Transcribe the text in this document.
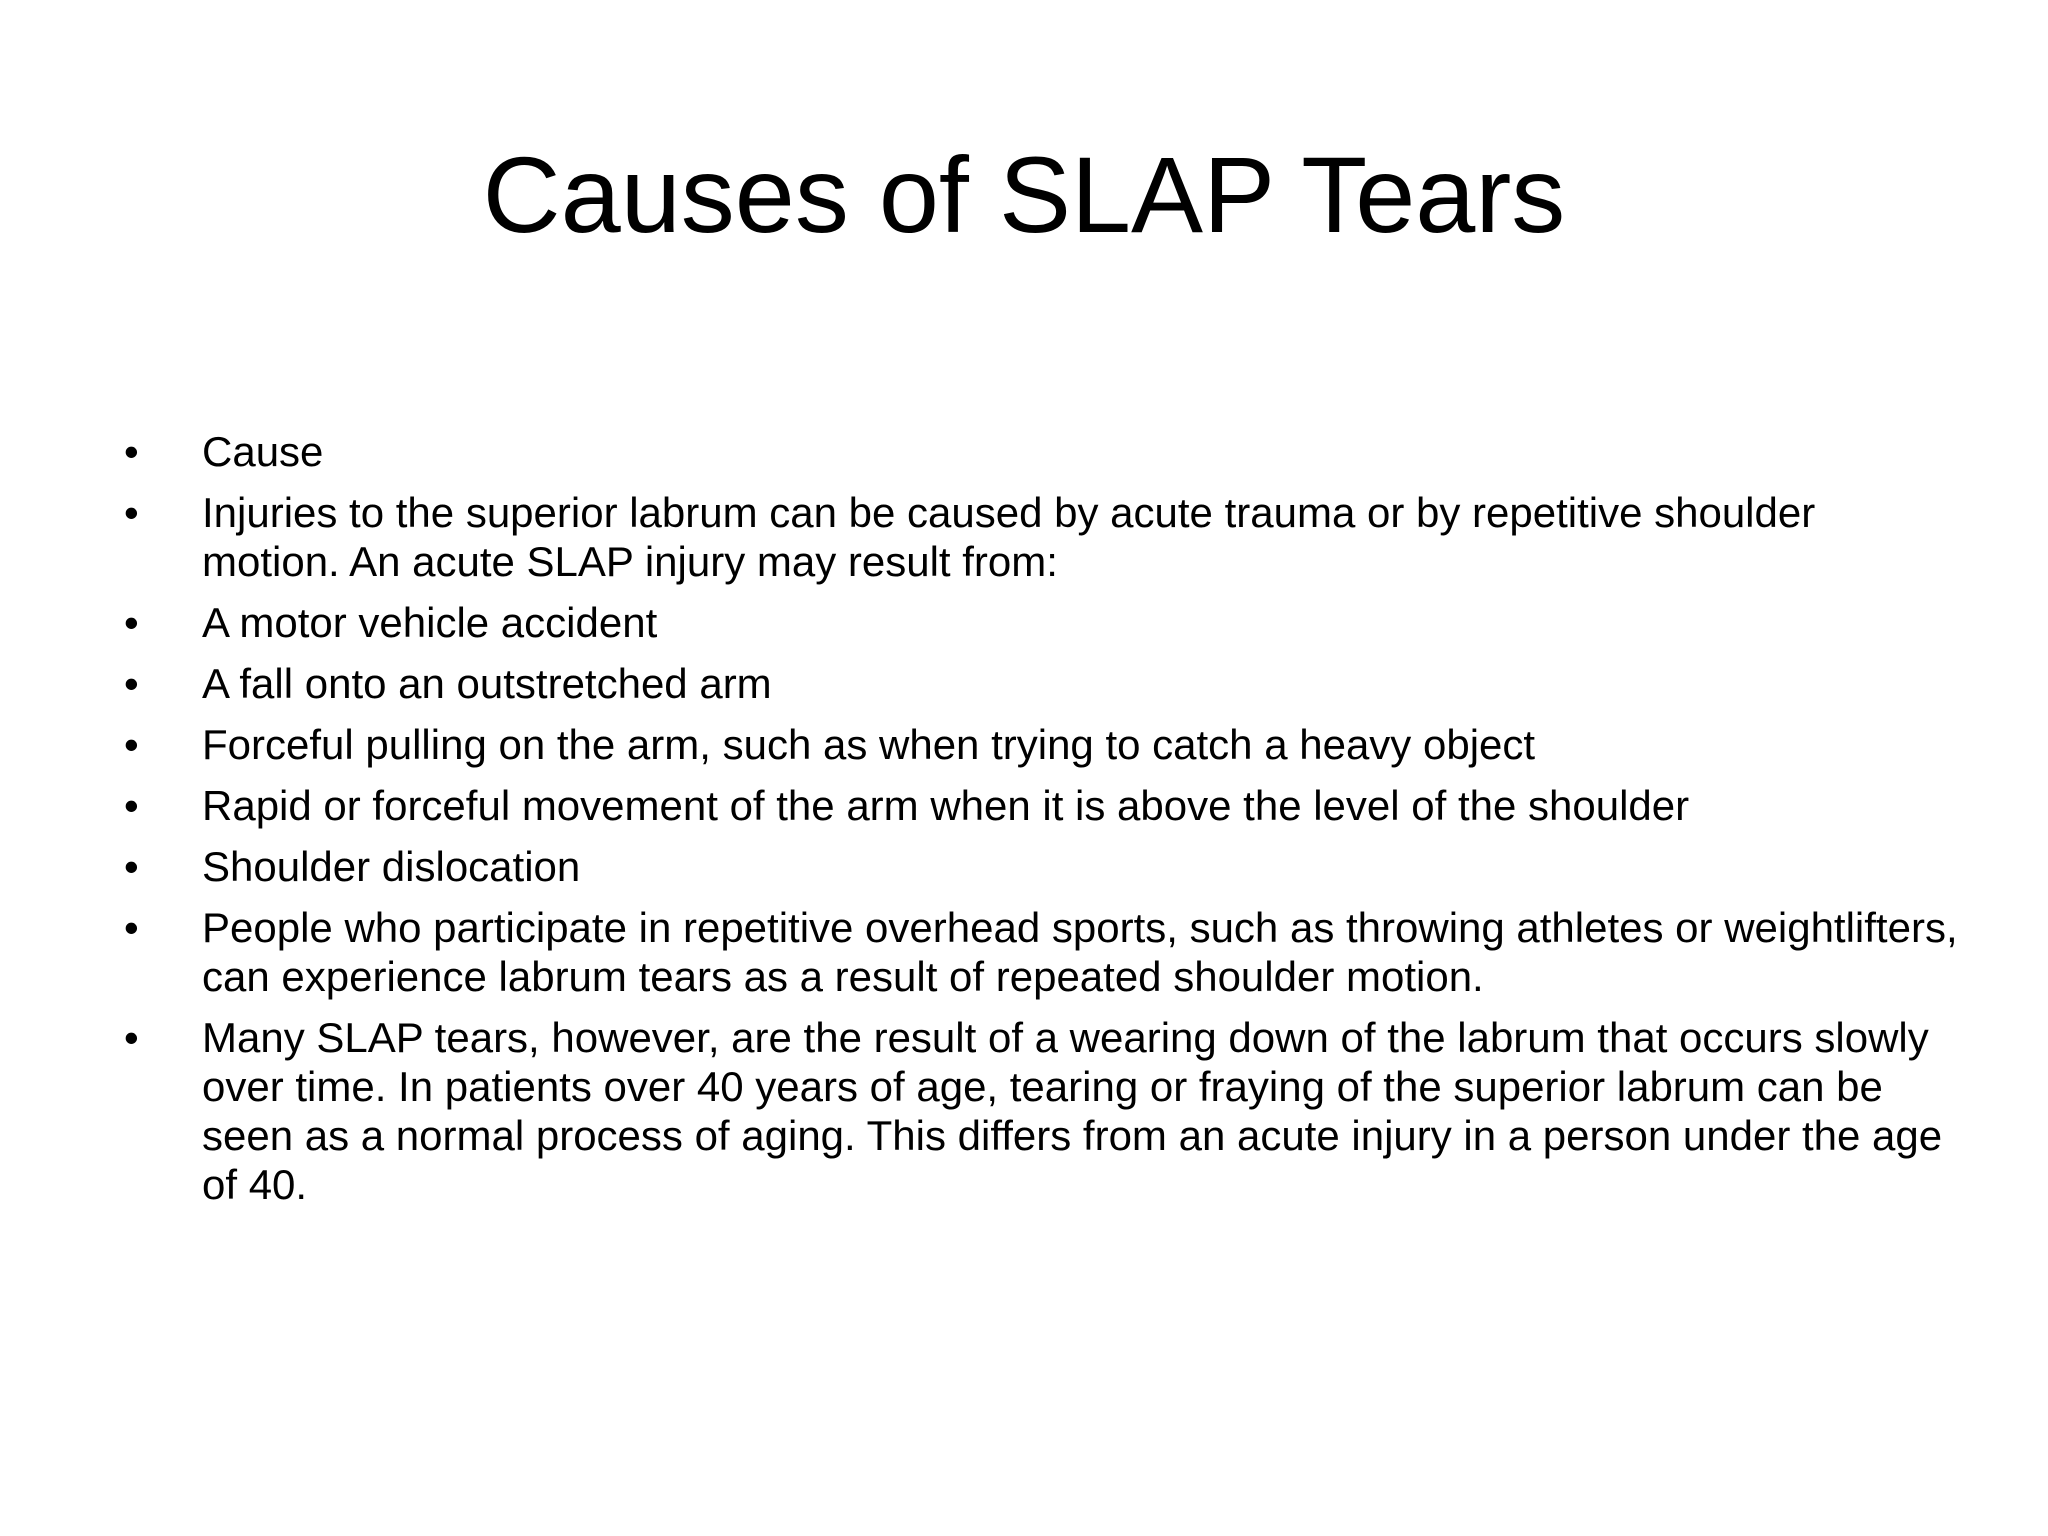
Causes of SLAP Tears
•	Cause
•	Injuries to the superior labrum can be caused by acute trauma or by repetitive shoulder motion. An acute SLAP injury may result from:
•	A motor vehicle accident
•	A fall onto an outstretched arm
•	Forceful pulling on the arm, such as when trying to catch a heavy object
•	Rapid or forceful movement of the arm when it is above the level of the shoulder
•	Shoulder dislocation
•	People who participate in repetitive overhead sports, such as throwing athletes or weightlifters, can experience labrum tears as a result of repeated shoulder motion.
•	Many SLAP tears, however, are the result of a wearing down of the labrum that occurs slowly over time. In patients over 40 years of age, tearing or fraying of the superior labrum can be seen as a normal process of aging. This differs from an acute injury in a person under the age of 40.
